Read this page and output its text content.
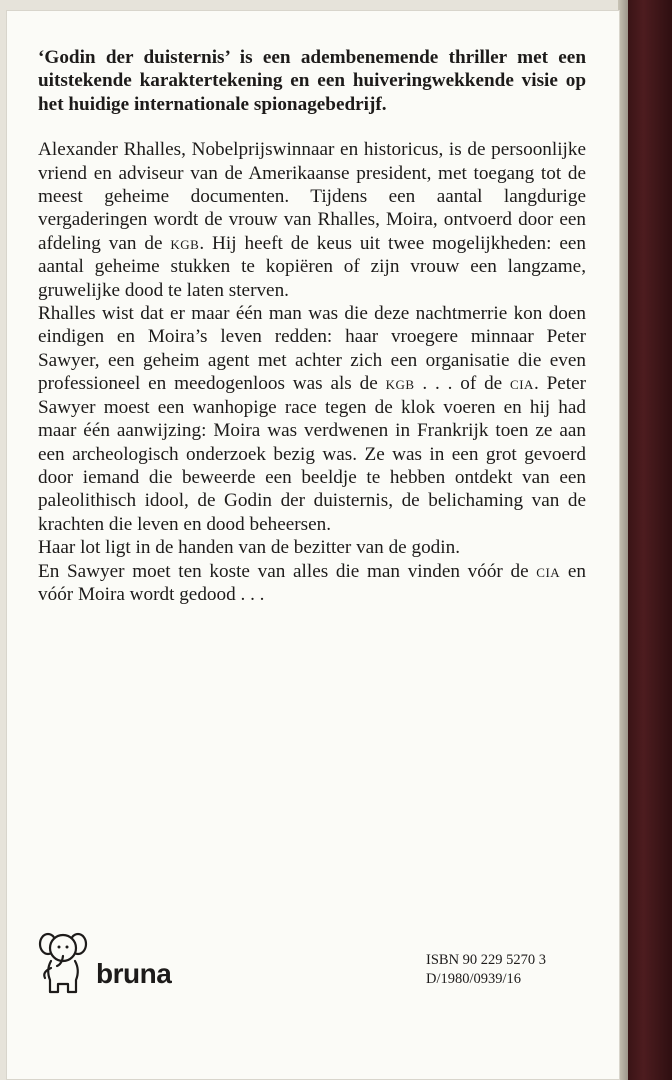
‘Godin der duisternis’ is een adembenemende thriller met een uitstekende karaktertekening en een huiveringwekkende visie op het huidige internationale spionagebedrijf.

Alexander Rhalles, Nobelprijswinnaar en historicus, is de persoonlijke vriend en adviseur van de Amerikaanse president, met toegang tot de meest geheime documenten. Tijdens een aantal langdurige vergaderingen wordt de vrouw van Rhalles, Moira, ontvoerd door een afdeling van de kgb. Hij heeft de keus uit twee mogelijkheden: een aantal geheime stukken te kopiëren of zijn vrouw een langzame, gruwelijke dood te laten sterven.

Rhalles wist dat er maar één man was die deze nachtmerrie kon doen eindigen en Moira’s leven redden: haar vroegere minnaar Peter Sawyer, een geheim agent met achter zich een organisatie die even professioneel en meedogenloos was als de kgb . . . of de cia. Peter Sawyer moest een wanhopige race tegen de klok voeren en hij had maar één aanwijzing: Moira was verdwenen in Frankrijk toen ze aan een archeologisch onderzoek bezig was. Ze was in een grot gevoerd door iemand die beweerde een beeldje te hebben ontdekt van een paleolithisch idool, de Godin der duisternis, de belichaming van de krachten die leven en dood beheersen.

Haar lot ligt in de handen van de bezitter van de godin.

En Sawyer moet ten koste van alles die man vinden vóór de cia en vóór Moira wordt gedood . . .

bruna	ISBN 90 229 5270 3
D/1980/0939/16
